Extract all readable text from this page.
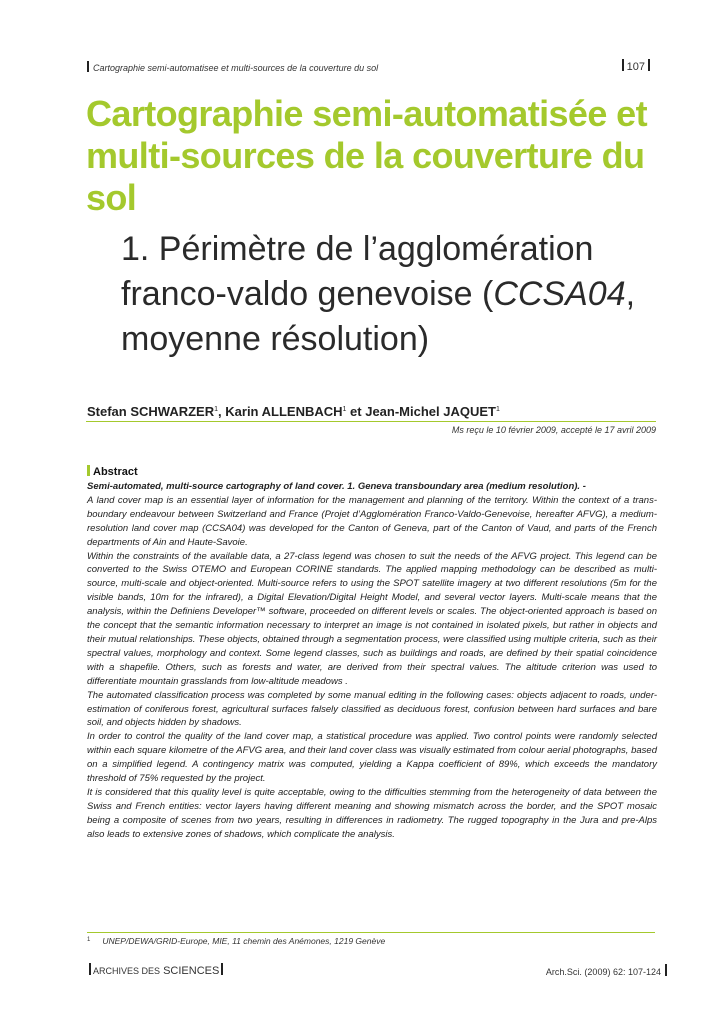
Cartographie semi-automatisee et multi-sources de la couverture du sol	107
Cartographie semi-automatisée et multi-sources de la couverture du sol
1. Périmètre de l’agglomération franco-valdo genevoise (CCSA04, moyenne résolution)
Stefan SCHWARZER$^1$, Karin ALLENBACH$^1$ et Jean-Michel JAQUET$^1$
Ms reçu le 10 février 2009, accepté le 17 avril 2009
Abstract

Semi-automated, multi-source cartography of land cover. 1. Geneva transboundary area (medium resolution). -

A land cover map is an essential layer of information for the management and planning of the territory. Within the context of a trans-boundary endeavour between Switzerland and France (Projet d’Agglomération Franco-Valdo-Genevoise, hereafter AFVG), a medium-resolution land cover map (CCSA04) was developed for the Canton of Geneva, part of the Canton of Vaud, and parts of the French departments of Ain and Haute-Savoie.

Within the constraints of the available data, a 27-class legend was chosen to suit the needs of the AFVG project. This legend can be converted to the Swiss OTEMO and European CORINE standards. The applied mapping methodology can be described as multi-source, multi-scale and object-oriented. Multi-source refers to using the SPOT satellite imagery at two different resolutions (5m for the visible bands, 10m for the infrared), a Digital Elevation/Digital Height Model, and several vector layers. Multi-scale means that the analysis, within the Definiens Developer™ software, proceeded on different levels or scales. The object-oriented approach is based on the concept that the semantic information necessary to interpret an image is not contained in isolated pixels, but rather in objects and their mutual relationships. These objects, obtained through a segmentation process, were classified using multiple criteria, such as their spectral values, morphology and context. Some legend classes, such as buildings and roads, are defined by their spatial coincidence with a shapefile. Others, such as forests and water, are derived from their spectral values. The altitude criterion was used to differentiate mountain grasslands from low-altitude meadows .

The automated classification process was completed by some manual editing in the following cases: objects adjacent to roads, under-estimation of coniferous forest, agricultural surfaces falsely classified as deciduous forest, confusion between hard surfaces and bare soil, and objects hidden by shadows.

In order to control the quality of the land cover map, a statistical procedure was applied. Two control points were randomly selected within each square kilometre of the AFVG area, and their land cover class was visually estimated from colour aerial photographs, based on a simplified legend. A contingency matrix was computed, yielding a Kappa coefficient of 89%, which exceeds the mandatory threshold of 75% requested by the project.

It is considered that this quality level is quite acceptable, owing to the difficulties stemming from the heterogeneity of data between the Swiss and French entities: vector layers having different meaning and showing mismatch across the border, and the SPOT mosaic being a composite of scenes from two years, resulting in differences in radiometry. The rugged topography in the Jura and pre-Alps also leads to extensive zones of shadows, which complicate the analysis.

$^1$ UNEP/DEWA/GRID-Europe, MIE, 11 chemin des Anémones, 1219 Genève
ARCHIVES DES SCIENCES	Arch.Sci. (2009) 62: 107-124
